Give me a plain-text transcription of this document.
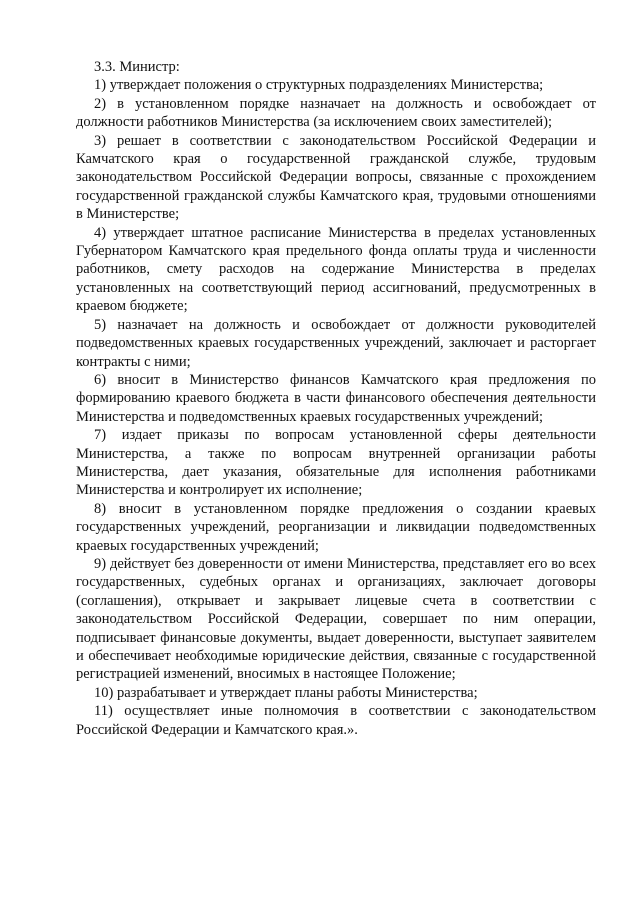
3.3. Министр:

1) утверждает положения о структурных подразделениях Министерства;

2) в установленном порядке назначает на должность и освобождает от должности работников Министерства (за исключением своих заместителей);

3) решает в соответствии с законодательством Российской Федерации и Камчатского края о государственной гражданской службе, трудовым законодательством Российской Федерации вопросы, связанные с прохождением государственной гражданской службы Камчатского края, трудовыми отношениями в Министерстве;

4) утверждает штатное расписание Министерства в пределах установленных Губернатором Камчатского края предельного фонда оплаты труда и численности работников, смету расходов на содержание Министерства в пределах установленных на соответствующий период ассигнований, предусмотренных в краевом бюджете;

5) назначает на должность и освобождает от должности руководителей подведомственных краевых государственных учреждений, заключает и расторгает контракты с ними;

6) вносит в Министерство финансов Камчатского края предложения по формированию краевого бюджета в части финансового обеспечения деятельности Министерства и подведомственных краевых государственных учреждений;

7) издает приказы по вопросам установленной сферы деятельности Министерства, а также по вопросам внутренней организации работы Министерства, дает указания, обязательные для исполнения работниками Министерства и контролирует их исполнение;

8) вносит в установленном порядке предложения о создании краевых государственных учреждений, реорганизации и ликвидации подведомственных краевых государственных учреждений;

9) действует без доверенности от имени Министерства, представляет его во всех государственных, судебных органах и организациях, заключает договоры (соглашения), открывает и закрывает лицевые счета в соответствии с законодательством Российской Федерации, совершает по ним операции, подписывает финансовые документы, выдает доверенности, выступает заявителем и обеспечивает необходимые юридические действия, связанные с государственной регистрацией изменений, вносимых в настоящее Положение;

10) разрабатывает и утверждает планы работы Министерства;

11) осуществляет иные полномочия в соответствии с законодательством Российской Федерации и Камчатского края.».
